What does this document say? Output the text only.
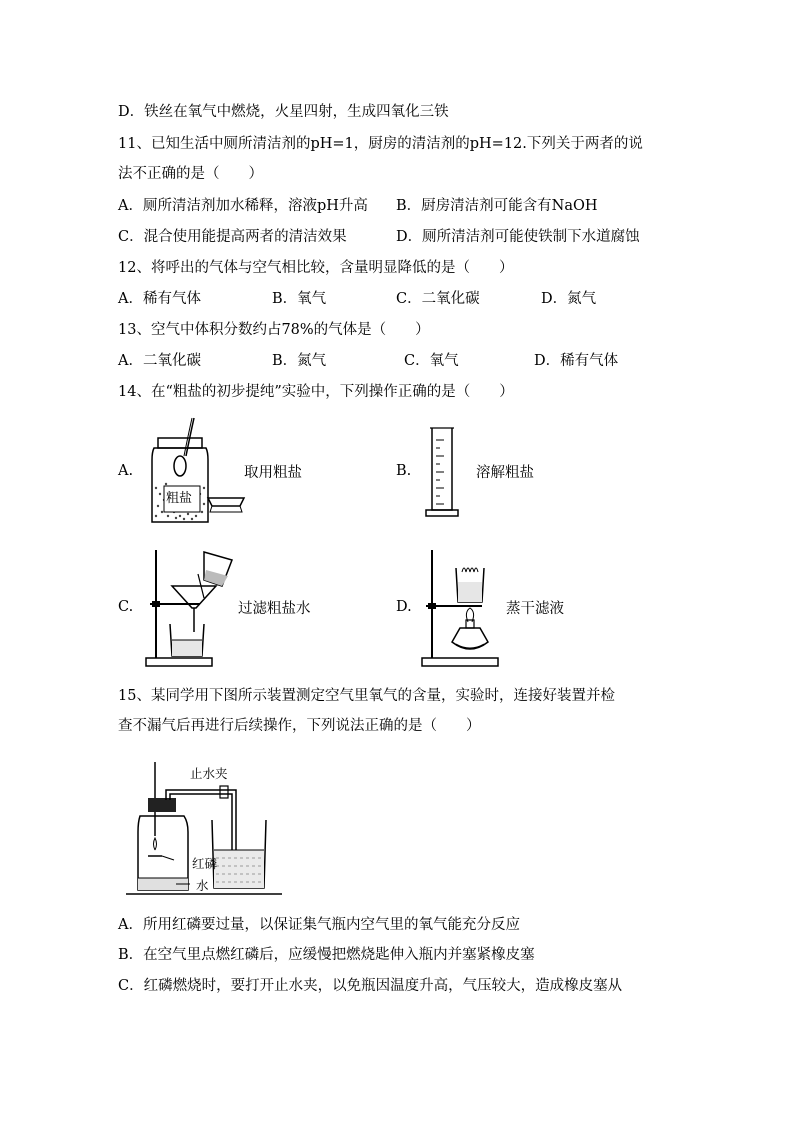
D．铁丝在氧气中燃烧，火星四射，生成四氧化三铁
11、已知生活中厕所清洁剂的pH=1，厨房的清洁剂的pH=12.下列关于两者的说
法不正确的是（　　）
A．厕所清洁剂加水稀释，溶液pH升高 B．厨房清洁剂可能含有NaOH
C．混合使用能提高两者的清洁效果	D．厕所清洁剂可能使铁制下水道腐蚀
12、将呼出的气体与空气相比较，含量明显降低的是（　　）
A．稀有气体	B．氧气	C．二氧化碳	D．氮气
13、空气中体积分数约占78%的气体是（　　）
A．二氧化碳	B．氮气	C．氧气	D．稀有气体
14、在“粗盐的初步提纯”实验中，下列操作正确的是（　　）
A.
粗盐
取用粗盐	B.	溶解粗盐
C.	过滤粗盐水	D.	蒸干滤液
15、某同学用下图所示装置测定空气里氧气的含量，实验时，连接好装置并检
查不漏气后再进行后续操作，下列说法正确的是（　　）
止水夹
红磷
水
A．所用红磷要过量，以保证集气瓶内空气里的氧气能充分反应
B．在空气里点燃红磷后，应缓慢把燃烧匙伸入瓶内并塞紧橡皮塞
C．红磷燃烧时，要打开止水夹，以免瓶因温度升高，气压较大，造成橡皮塞从
